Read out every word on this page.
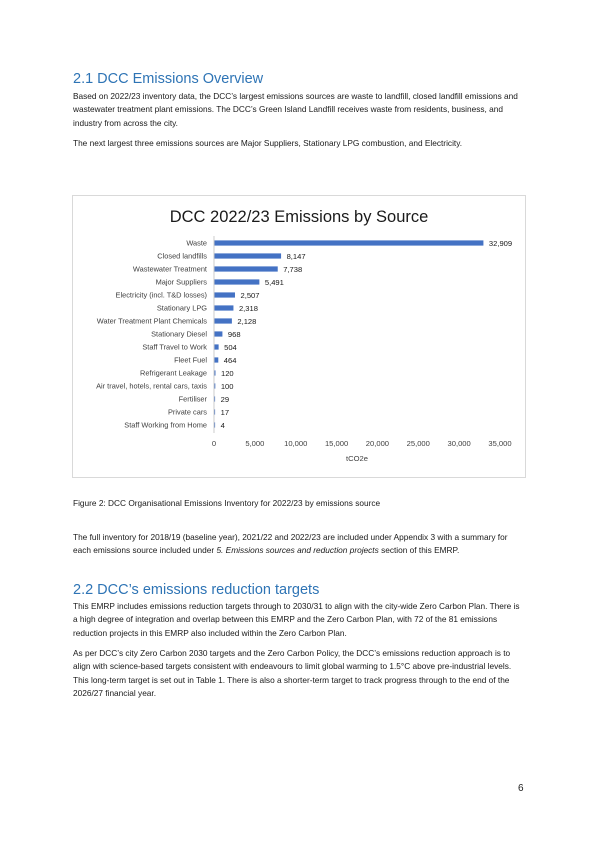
2.1 DCC Emissions Overview

Based on 2022/23 inventory data, the DCC’s largest emissions sources are waste to landfill, closed landfill emissions and wastewater treatment plant emissions. The DCC’s Green Island Landfill receives waste from residents, business, and industry from across the city.

The next largest three emissions sources are Major Suppliers, Stationary LPG combustion, and Electricity.

DCC 2022/23 Emissions by Source
Waste
Closed landfills
Wastewater Treatment
Major Suppliers
Electricity (incl. T&D losses)
Stationary LPG
Water Treatment Plant Chemicals
Stationary Diesel
Staff Travel to Work
Fleet Fuel
Refrigerant Leakage
Air travel, hotels, rental cars, taxis
Fertiliser
Private cars
Staff Working from Home
32,909
8,147
7,738
5,491
2,507
2,318
2,128
968
504
464
120
100
29
17
4
0	5,000	10,000 15,000 20,000 25,000 30,000 35,000
tCO2e

Figure 2: DCC Organisational Emissions Inventory for 2022/23 by emissions source

The full inventory for 2018/19 (baseline year), 2021/22 and 2022/23 are included under Appendix 3 with a summary for each emissions source included under 5. Emissions sources and reduction projects section of this EMRP.

2.2 DCC’s emissions reduction targets

This EMRP includes emissions reduction targets through to 2030/31 to align with the city-wide Zero Carbon Plan. There is a high degree of integration and overlap between this EMRP and the Zero Carbon Plan, with 72 of the 81 emissions reduction projects in this EMRP also included within the Zero Carbon Plan.

As per DCC’s city Zero Carbon 2030 targets and the Zero Carbon Policy, the DCC’s emissions reduction approach is to align with science-based targets consistent with endeavours to limit global warming to 1.5°C above pre-industrial levels. This long-term target is set out in Table 1. There is also a shorter-term target to track progress through to the end of the 2026/27 financial year.

6
